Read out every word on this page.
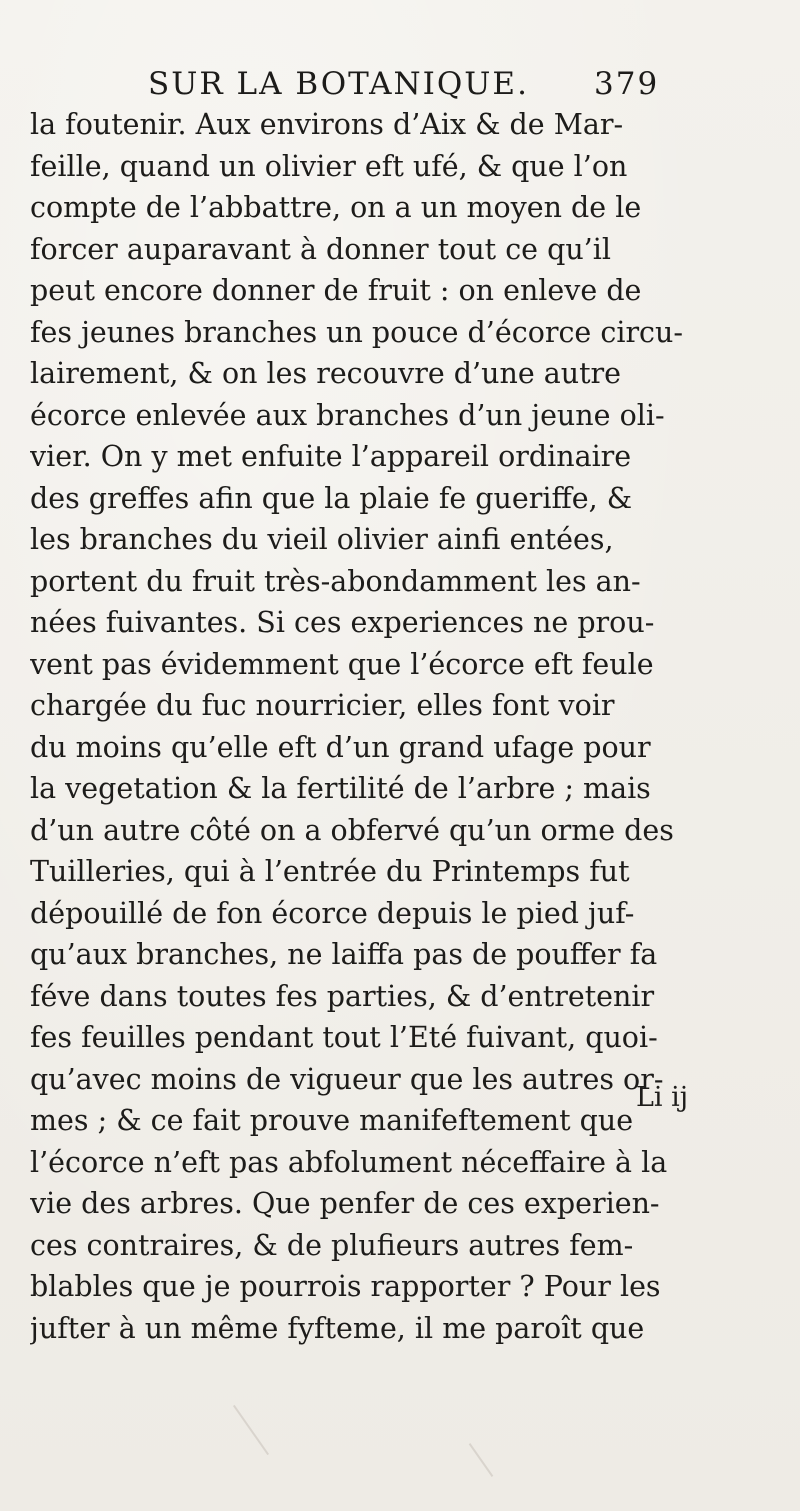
SUR LA BOTANIQUE. 379
la foutenir. Aux environs d’Aix & de Mar-
feille, quand un olivier eft ufé, & que l’on
compte de l’abbattre, on a un moyen de le
forcer auparavant à donner tout ce qu’il
peut encore donner de fruit : on enleve de
fes jeunes branches un pouce d’écorce circu-
lairement, & on les recouvre d’une autre
écorce enlevée aux branches d’un jeune oli-
vier. On y met enfuite l’appareil ordinaire
des greffes afin que la plaie fe gueriffe, &
les branches du vieil olivier ainfi entées,
portent du fruit très-abondamment les an-
nées fuivantes. Si ces experiences ne prou-
vent pas évidemment que l’écorce eft feule
chargée du fuc nourricier, elles font voir
du moins qu’elle eft d’un grand ufage pour
la vegetation & la fertilité de l’arbre ; mais
d’un autre côté on a obfervé qu’un orme des
Tuilleries, qui à l’entrée du Printemps fut
dépouillé de fon écorce depuis le pied juf-
qu’aux branches, ne laiffa pas de pouffer fa
féve dans toutes fes parties, & d’entretenir
fes feuilles pendant tout l’Eté fuivant, quoi-
qu’avec moins de vigueur que les autres or-
mes ; & ce fait prouve manifeftement que
l’écorce n’eft pas abfolument néceffaire à la
vie des arbres. Que penfer de ces experien-
ces contraires, & de plufieurs autres fem-
blables que je pourrois rapporter ? Pour les
jufter à un même fyfteme, il me paroît que
Li ij
